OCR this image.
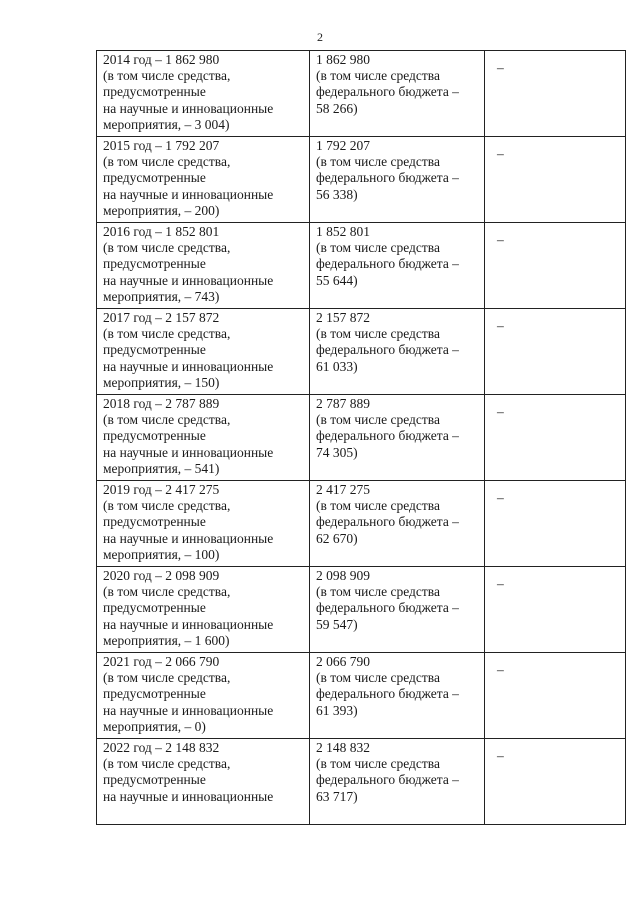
2
2014 год – 1 862 980
(в том числе средства,
предусмотренные
на научные и инновационные
мероприятия, – 3 004)	1 862 980
(в том числе средства
федерального бюджета –
58 266)	–

2015 год – 1 792 207
(в том числе средства,
предусмотренные
на научные и инновационные
мероприятия, – 200)	1 792 207
(в том числе средства
федерального бюджета –
56 338)	–

2016 год – 1 852 801
(в том числе средства,
предусмотренные
на научные и инновационные
мероприятия, – 743)	1 852 801
(в том числе средства
федерального бюджета –
55 644)	–

2017 год – 2 157 872
(в том числе средства,
предусмотренные
на научные и инновационные
мероприятия, – 150)	2 157 872
(в том числе средства
федерального бюджета –
61 033)	–

2018 год – 2 787 889
(в том числе средства,
предусмотренные
на научные и инновационные
мероприятия, – 541)	2 787 889
(в том числе средства
федерального бюджета –
74 305)	–

2019 год – 2 417 275
(в том числе средства,
предусмотренные
на научные и инновационные
мероприятия, – 100)	2 417 275
(в том числе средства
федерального бюджета –
62 670)	–

2020 год – 2 098 909
(в том числе средства,
предусмотренные
на научные и инновационные
мероприятия, – 1 600)	2 098 909
(в том числе средства
федерального бюджета –
59 547)	–

2021 год – 2 066 790
(в том числе средства,
предусмотренные
на научные и инновационные
мероприятия, – 0)	2 066 790
(в том числе средства
федерального бюджета –
61 393)	–

2022 год – 2 148 832
(в том числе средства,
предусмотренные
на научные и инновационные	2 148 832
(в том числе средства
федерального бюджета –
63 717)	–
